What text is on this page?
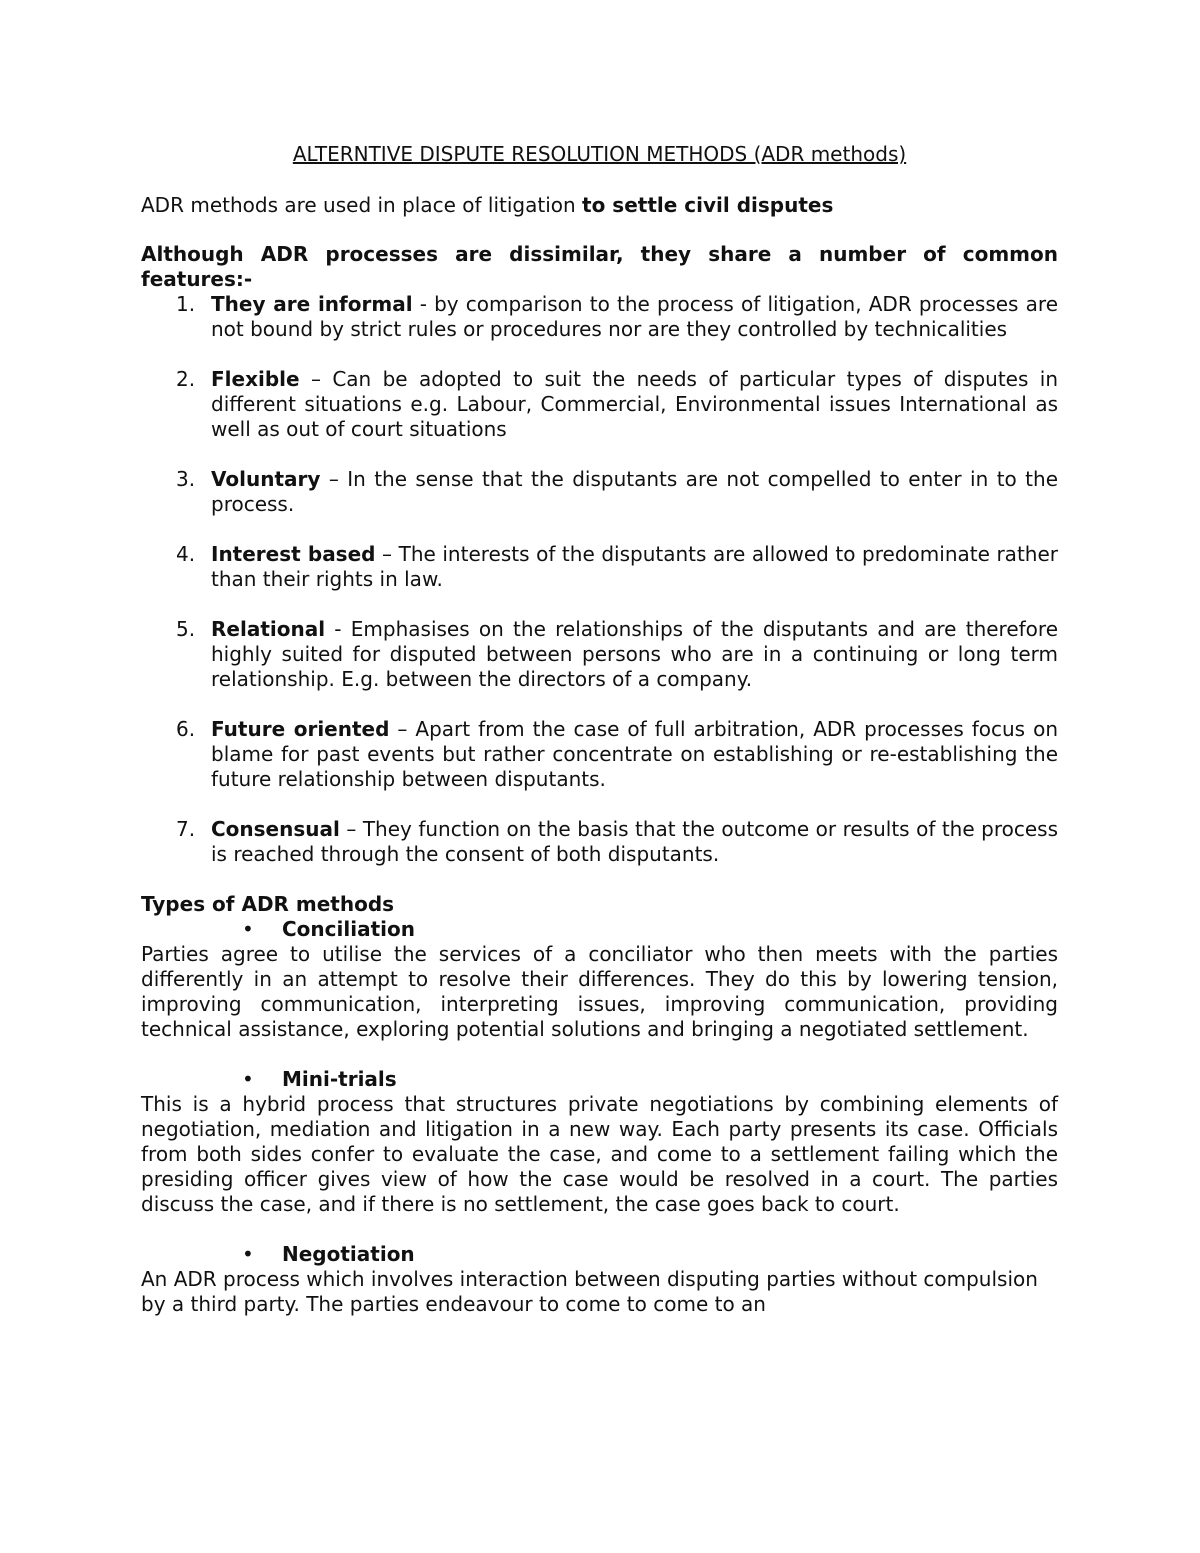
ALTERNTIVE DISPUTE RESOLUTION METHODS (ADR methods)

ADR methods are used in place of litigation to settle civil disputes

Although ADR processes are dissimilar, they share a number of common

features:-

1. They are informal - by comparison to the process of litigation, ADR processes are not bound by strict rules or procedures nor are they controlled by technicalities
2. Flexible – Can be adopted to suit the needs of particular types of disputes in different situations e.g. Labour, Commercial, Environmental issues International as well as out of court situations
3. Voluntary – In the sense that the disputants are not compelled to enter in to the process.
4. Interest based – The interests of the disputants are allowed to predominate rather than their rights in law.
5. Relational - Emphasises on the relationships of the disputants and are therefore highly suited for disputed between persons who are in a continuing or long term relationship. E.g. between the directors of a company.
6. Future oriented – Apart from the case of full arbitration, ADR processes focus on blame for past events but rather concentrate on establishing or re-establishing the future relationship between disputants.
7. Consensual – They function on the basis that the outcome or results of the process is reached through the consent of both disputants.

Types of ADR methods

• Conciliation

Parties agree to utilise the services of a conciliator who then meets with the parties differently in an attempt to resolve their differences. They do this by lowering tension, improving communication, interpreting issues, improving communication, providing technical assistance, exploring potential solutions and bringing a negotiated settlement.

• Mini-trials

This is a hybrid process that structures private negotiations by combining elements of negotiation, mediation and litigation in a new way. Each party presents its case. Officials from both sides confer to evaluate the case, and come to a settlement failing which the presiding officer gives view of how the case would be resolved in a court. The parties discuss the case, and if there is no settlement, the case goes back to court.

• Negotiation

An ADR process which involves interaction between disputing parties without compulsion by a third party. The parties endeavour to come to come to an
